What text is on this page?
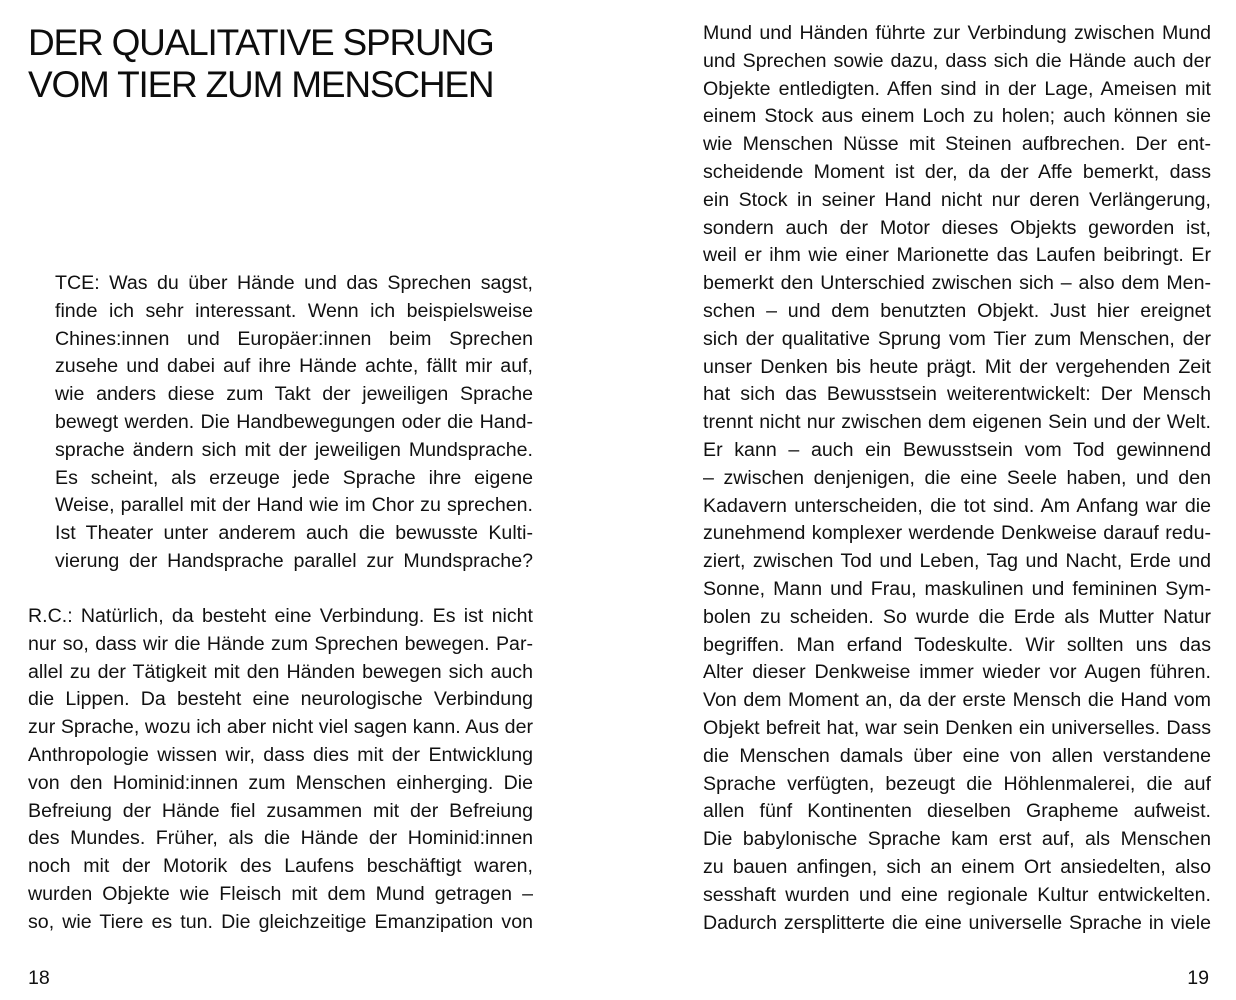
DER QUALITATIVE SPRUNG
VOM TIER ZUM MENSCHEN
TCE: Was du über Hände und das Sprechen sagst,
finde ich sehr interessant. Wenn ich beispielsweise
Chines:innen und Europäer:innen beim Sprechen
zusehe und dabei auf ihre Hände achte, fällt mir auf,
wie anders diese zum Takt der jeweiligen Sprache
bewegt werden. Die Handbewegungen oder die Hand-
sprache ändern sich mit der jeweiligen Mundsprache.
Es scheint, als erzeuge jede Sprache ihre eigene
Weise, parallel mit der Hand wie im Chor zu sprechen.
Ist Theater unter anderem auch die bewusste Kulti-
vierung der Handsprache parallel zur Mundsprache?
R.C.: Natürlich, da besteht eine Verbindung. Es ist nicht
nur so, dass wir die Hände zum Sprechen bewegen. Par-
allel zu der Tätigkeit mit den Händen bewegen sich auch
die Lippen. Da besteht eine neurologische Verbindung
zur Sprache, wozu ich aber nicht viel sagen kann. Aus der
Anthropologie wissen wir, dass dies mit der Entwicklung
von den Hominid:innen zum Menschen einherging. Die
Befreiung der Hände fiel zusammen mit der Befreiung
des Mundes. Früher, als die Hände der Hominid:innen
noch mit der Motorik des Laufens beschäftigt waren,
wurden Objekte wie Fleisch mit dem Mund getragen –
so, wie Tiere es tun. Die gleichzeitige Emanzipation von

18

Mund und Händen führte zur Verbindung zwischen Mund
und Sprechen sowie dazu, dass sich die Hände auch der
Objekte entledigten. Affen sind in der Lage, Ameisen mit
einem Stock aus einem Loch zu holen; auch können sie
wie Menschen Nüsse mit Steinen aufbrechen. Der ent-
scheidende Moment ist der, da der Affe bemerkt, dass
ein Stock in seiner Hand nicht nur deren Verlängerung,
sondern auch der Motor dieses Objekts geworden ist,
weil er ihm wie einer Marionette das Laufen beibringt. Er
bemerkt den Unterschied zwischen sich – also dem Men-
schen – und dem benutzten Objekt. Just hier ereignet
sich der qualitative Sprung vom Tier zum Menschen, der
unser Denken bis heute prägt. Mit der vergehenden Zeit
hat sich das Bewusstsein weiterentwickelt: Der Mensch
trennt nicht nur zwischen dem eigenen Sein und der Welt.
Er kann – auch ein Bewusstsein vom Tod gewinnend
– zwischen denjenigen, die eine Seele haben, und den
Kadavern unterscheiden, die tot sind. Am Anfang war die
zunehmend komplexer werdende Denkweise darauf redu-
ziert, zwischen Tod und Leben, Tag und Nacht, Erde und
Sonne, Mann und Frau, maskulinen und femininen Sym-
bolen zu scheiden. So wurde die Erde als Mutter Natur
begriffen. Man erfand Todeskulte. Wir sollten uns das
Alter dieser Denkweise immer wieder vor Augen führen.
Von dem Moment an, da der erste Mensch die Hand vom
Objekt befreit hat, war sein Denken ein universelles. Dass
die Menschen damals über eine von allen verstandene
Sprache verfügten, bezeugt die Höhlenmalerei, die auf
allen fünf Kontinenten dieselben Grapheme aufweist.
Die babylonische Sprache kam erst auf, als Menschen
zu bauen anfingen, sich an einem Ort ansiedelten, also
sesshaft wurden und eine regionale Kultur entwickelten.
Dadurch zersplitterte die eine universelle Sprache in viele

19
